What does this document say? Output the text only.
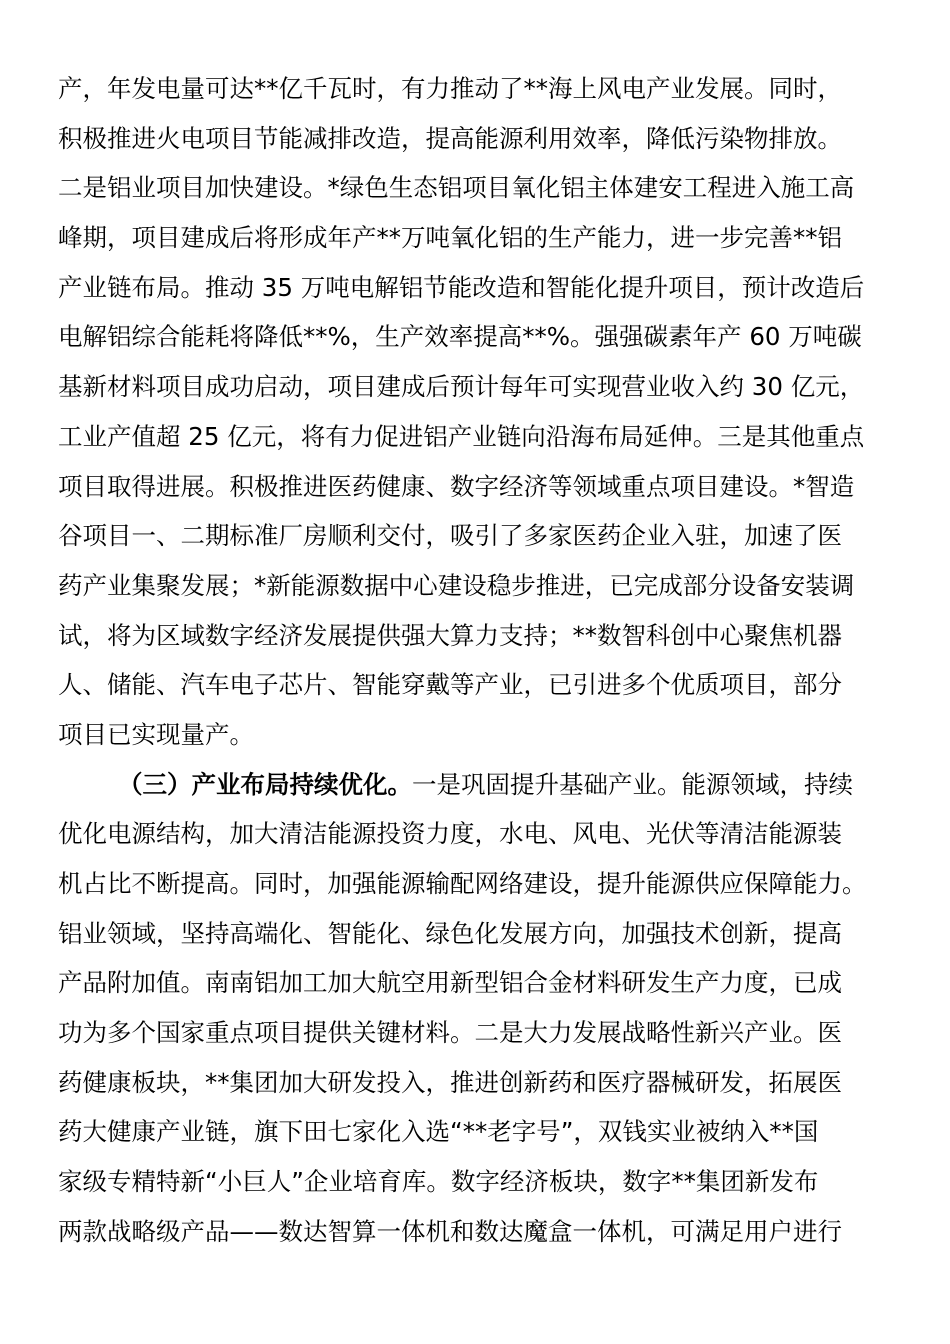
产，年发电量可达**亿千瓦时，有力推动了**海上风电产业发展。同时，
积极推进火电项目节能减排改造，提高能源利用效率，降低污染物排放。
二是铝业项目加快建设。*绿色生态铝项目氧化铝主体建安工程进入施工高
峰期，项目建成后将形成年产**万吨氧化铝的生产能力，进一步完善**铝
产业链布局。推动 35 万吨电解铝节能改造和智能化提升项目，预计改造后
电解铝综合能耗将降低**%，生产效率提高**%。强强碳素年产 60 万吨碳
基新材料项目成功启动，项目建成后预计每年可实现营业收入约 30 亿元，
工业产值超 25 亿元，将有力促进铝产业链向沿海布局延伸。三是其他重点
项目取得进展。积极推进医药健康、数字经济等领域重点项目建设。*智造
谷项目一、二期标准厂房顺利交付，吸引了多家医药企业入驻，加速了医
药产业集聚发展；*新能源数据中心建设稳步推进，已完成部分设备安装调
试，将为区域数字经济发展提供强大算力支持；**数智科创中心聚焦机器
人、储能、汽车电子芯片、智能穿戴等产业，已引进多个优质项目，部分
项目已实现量产。
（三）产业布局持续优化。一是巩固提升基础产业。能源领域，持续
优化电源结构，加大清洁能源投资力度，水电、风电、光伏等清洁能源装
机占比不断提高。同时，加强能源输配网络建设，提升能源供应保障能力。
铝业领域，坚持高端化、智能化、绿色化发展方向，加强技术创新，提高
产品附加值。南南铝加工加大航空用新型铝合金材料研发生产力度，已成
功为多个国家重点项目提供关键材料。二是大力发展战略性新兴产业。医
药健康板块，**集团加大研发投入，推进创新药和医疗器械研发，拓展医
药大健康产业链，旗下田七家化入选“**老字号”，双钱实业被纳入**国
家级专精特新“小巨人”企业培育库。数字经济板块，数字**集团新发布
两款战略级产品——数达智算一体机和数达魔盒一体机，可满足用户进行
